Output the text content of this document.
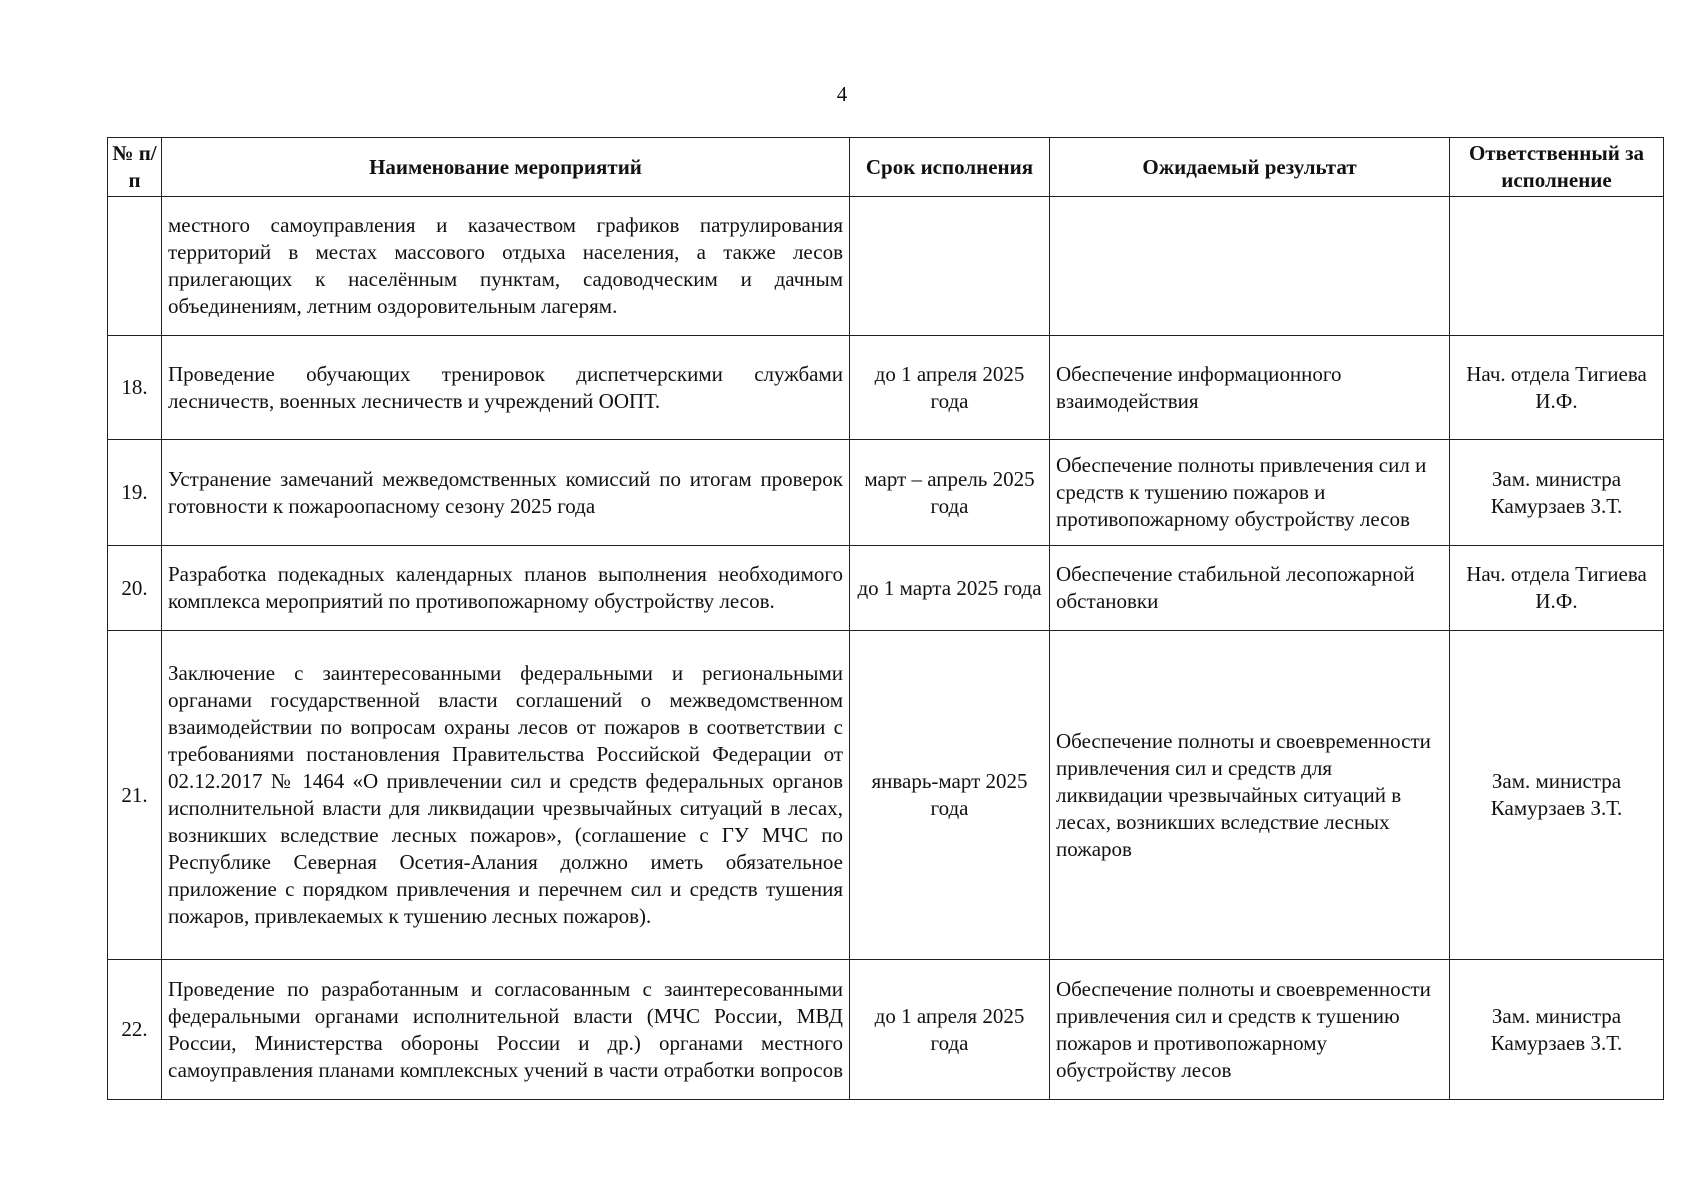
4
№ п/п	Наименование мероприятий	Срок исполнения	Ожидаемый результат	Ответственный за исполнение
	местного самоуправления и казачеством графиков патрулирования территорий в местах массового отдыха населения, а также лесов прилегающих к населённым пунктам, садоводческим и дачным объединениям, летним оздоровительным лагерям.			
18.	Проведение обучающих тренировок диспетчерскими службами лесничеств, военных лесничеств и учреждений ООПТ.	до 1 апреля 2025 года	Обеспечение информационного взаимодействия	Нач. отдела Тигиева И.Ф.
19.	Устранение замечаний межведомственных комиссий по итогам проверок готовности к пожароопасному сезону 2025 года	март – апрель 2025 года	Обеспечение полноты привлечения сил и средств к тушению пожаров и противопожарному обустройству лесов	Зам. министра Камурзаев З.Т.
20.	Разработка подекадных календарных планов выполнения необходимого комплекса мероприятий по противопожарному обустройству лесов.	до 1 марта 2025 года	Обеспечение стабильной лесопожарной обстановки	Нач. отдела Тигиева И.Ф.
21.	Заключение с заинтересованными федеральными и региональными органами государственной власти соглашений о межведомственном взаимодействии по вопросам охраны лесов от пожаров в соответствии с требованиями постановления Правительства Российской Федерации от 02.12.2017 № 1464 «О привлечении сил и средств федеральных органов исполнительной власти для ликвидации чрезвычайных ситуаций в лесах, возникших вследствие лесных пожаров», (соглашение с ГУ МЧС по Республике Северная Осетия-Алания должно иметь обязательное приложение с порядком привлечения и перечнем сил и средств тушения пожаров, привлекаемых к тушению лесных пожаров).	январь-март 2025 года	Обеспечение полноты и своевременности привлечения сил и средств для ликвидации чрезвычайных ситуаций в лесах, возникших вследствие лесных пожаров	Зам. министра Камурзаев З.Т.
22.	Проведение по разработанным и согласованным с заинтересованными федеральными органами исполнительной власти (МЧС России, МВД России, Министерства обороны России и др.) органами местного самоуправления планами комплексных учений в части отработки вопросов	до 1 апреля 2025 года	Обеспечение полноты и своевременности привлечения сил и средств к тушению пожаров и противопожарному обустройству лесов	Зам. министра Камурзаев З.Т.
